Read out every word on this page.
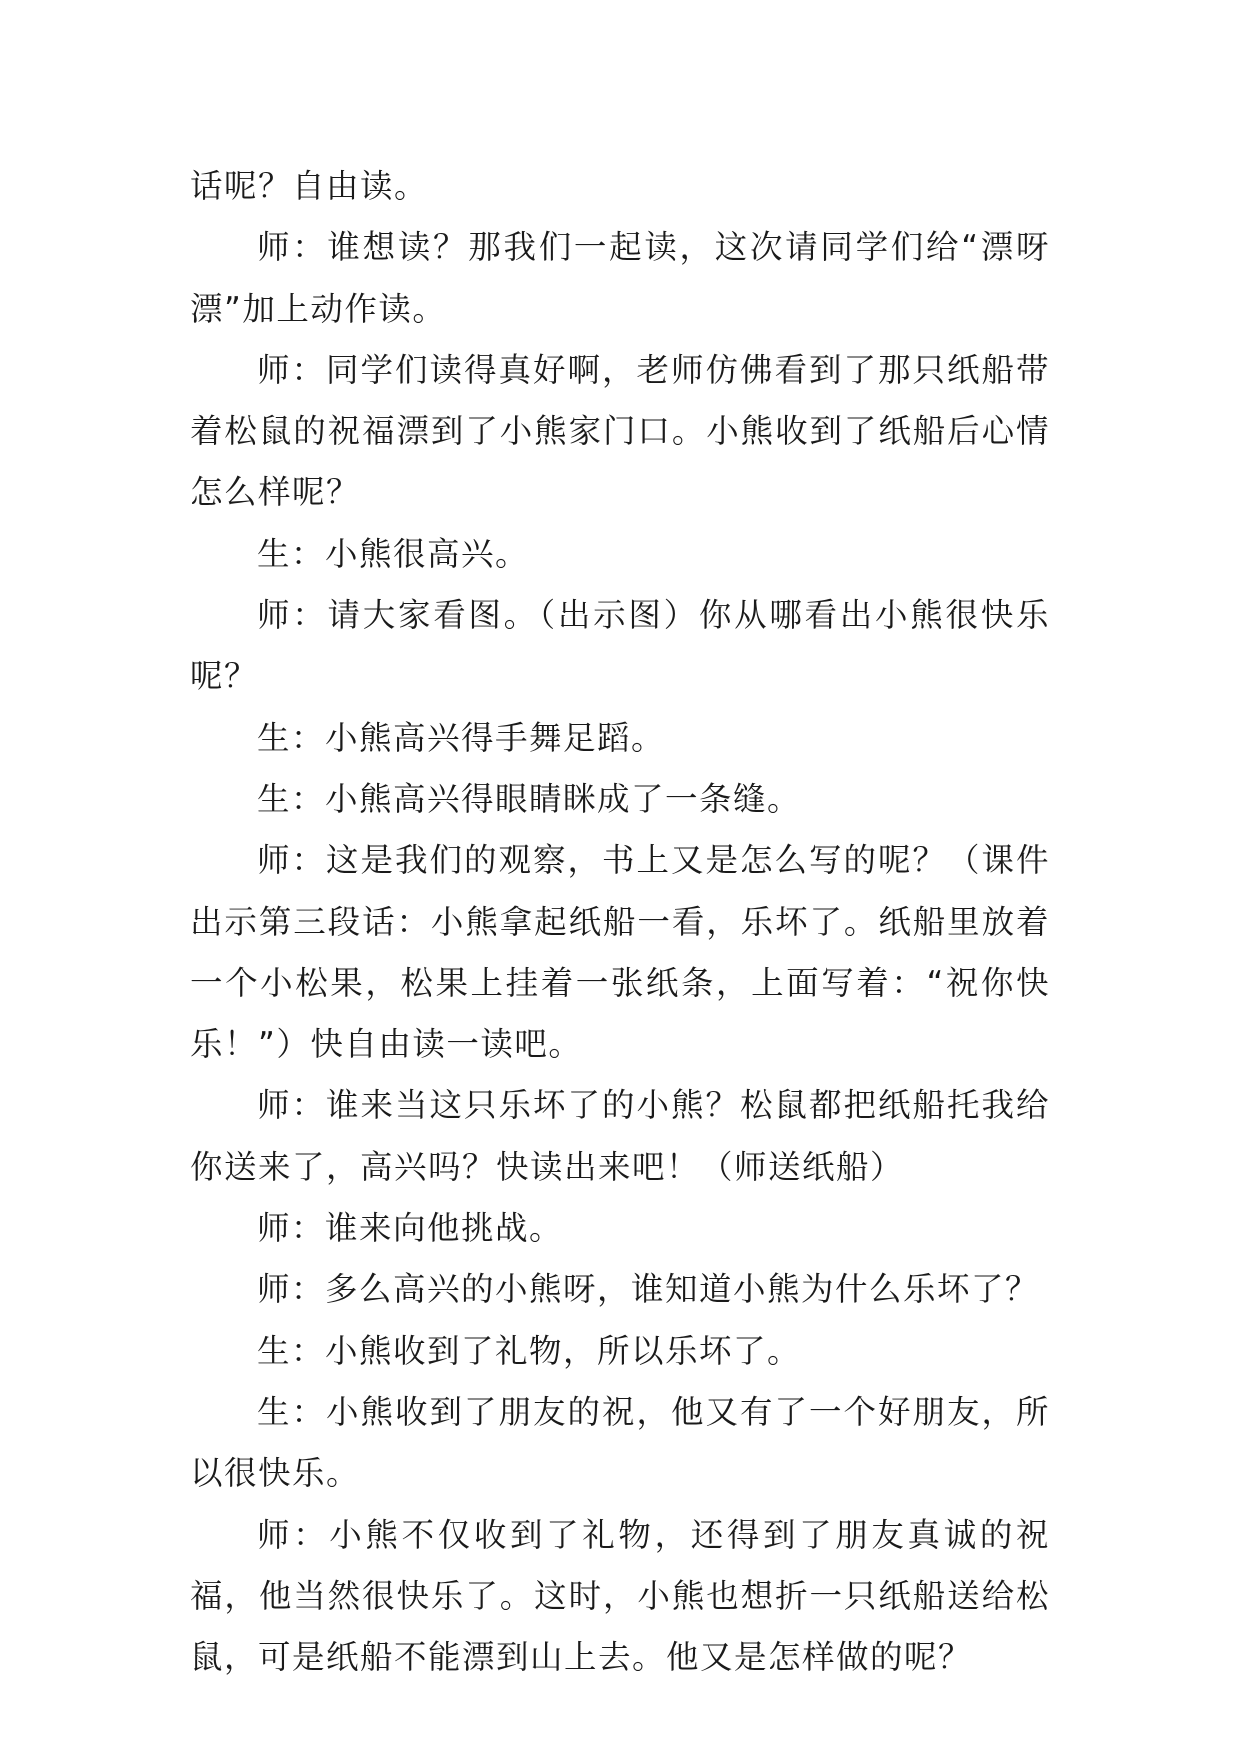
话呢？自由读。

师：谁想读？那我们一起读，这次请同学们给“漂呀漂”加上动作读。

师：同学们读得真好啊，老师仿佛看到了那只纸船带着松鼠的祝福漂到了小熊家门口。小熊收到了纸船后心情怎么样呢？

生：小熊很高兴。

师：请大家看图。（出示图）你从哪看出小熊很快乐呢？

生：小熊高兴得手舞足蹈。

生：小熊高兴得眼睛眯成了一条缝。

师：这是我们的观察，书上又是怎么写的呢？（课件出示第三段话：小熊拿起纸船一看，乐坏了。纸船里放着一个小松果，松果上挂着一张纸条，上面写着：“祝你快乐！”）快自由读一读吧。

师：谁来当这只乐坏了的小熊？松鼠都把纸船托我给你送来了，高兴吗？快读出来吧！（师送纸船）

师：谁来向他挑战。

师：多么高兴的小熊呀，谁知道小熊为什么乐坏了？

生：小熊收到了礼物，所以乐坏了。

生：小熊收到了朋友的祝，他又有了一个好朋友，所以很快乐。

师：小熊不仅收到了礼物，还得到了朋友真诚的祝福，他当然很快乐了。这时，小熊也想折一只纸船送给松鼠，可是纸船不能漂到山上去。他又是怎样做的呢？
